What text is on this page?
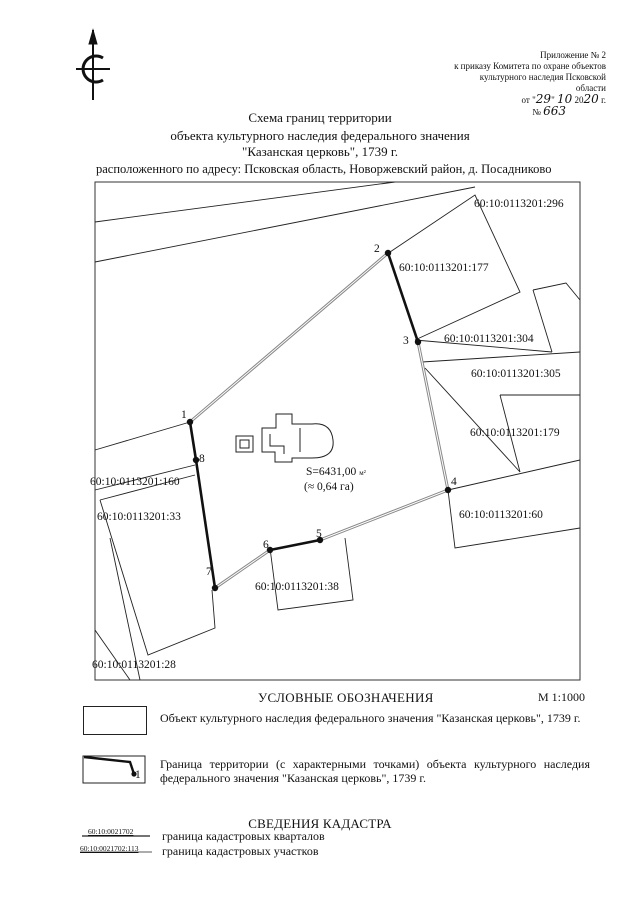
Приложение № 2
к приказу Комитета по охране объектов
культурного наследия Псковской
области
от "29" 10 2020 г.
№ 663
Схема границ территории
объекта культурного наследия федерального значения
"Казанская церковь", 1739 г.
расположенного по адресу: Псковская область, Новоржевский район, д. Посадниково
1
2
3
4
5
6
7
8
60:10:0113201:296
60:10:0113201:177
60:10:0113201:304
60:10:0113201:305
60:10:0113201:179
60:10:0113201:60
60:10:0113201:160
60:10:0113201:33
60:10:0113201:38
60:10:0113201:28
S=6431,00 м²
(≈ 0,64 га)
1
УСЛОВНЫЕ ОБОЗНАЧЕНИЯ	М 1:1000
Объект культурного наследия федерального значения "Казанская церковь", 1739 г.
Граница территории (с характерными точками) объекта культурного наследия федерального значения "Казанская церковь", 1739 г.
СВЕДЕНИЯ КАДАСТРА
60:10:0021702 граница кадастровых кварталов
60:10:0021702:113 граница кадастровых участков
